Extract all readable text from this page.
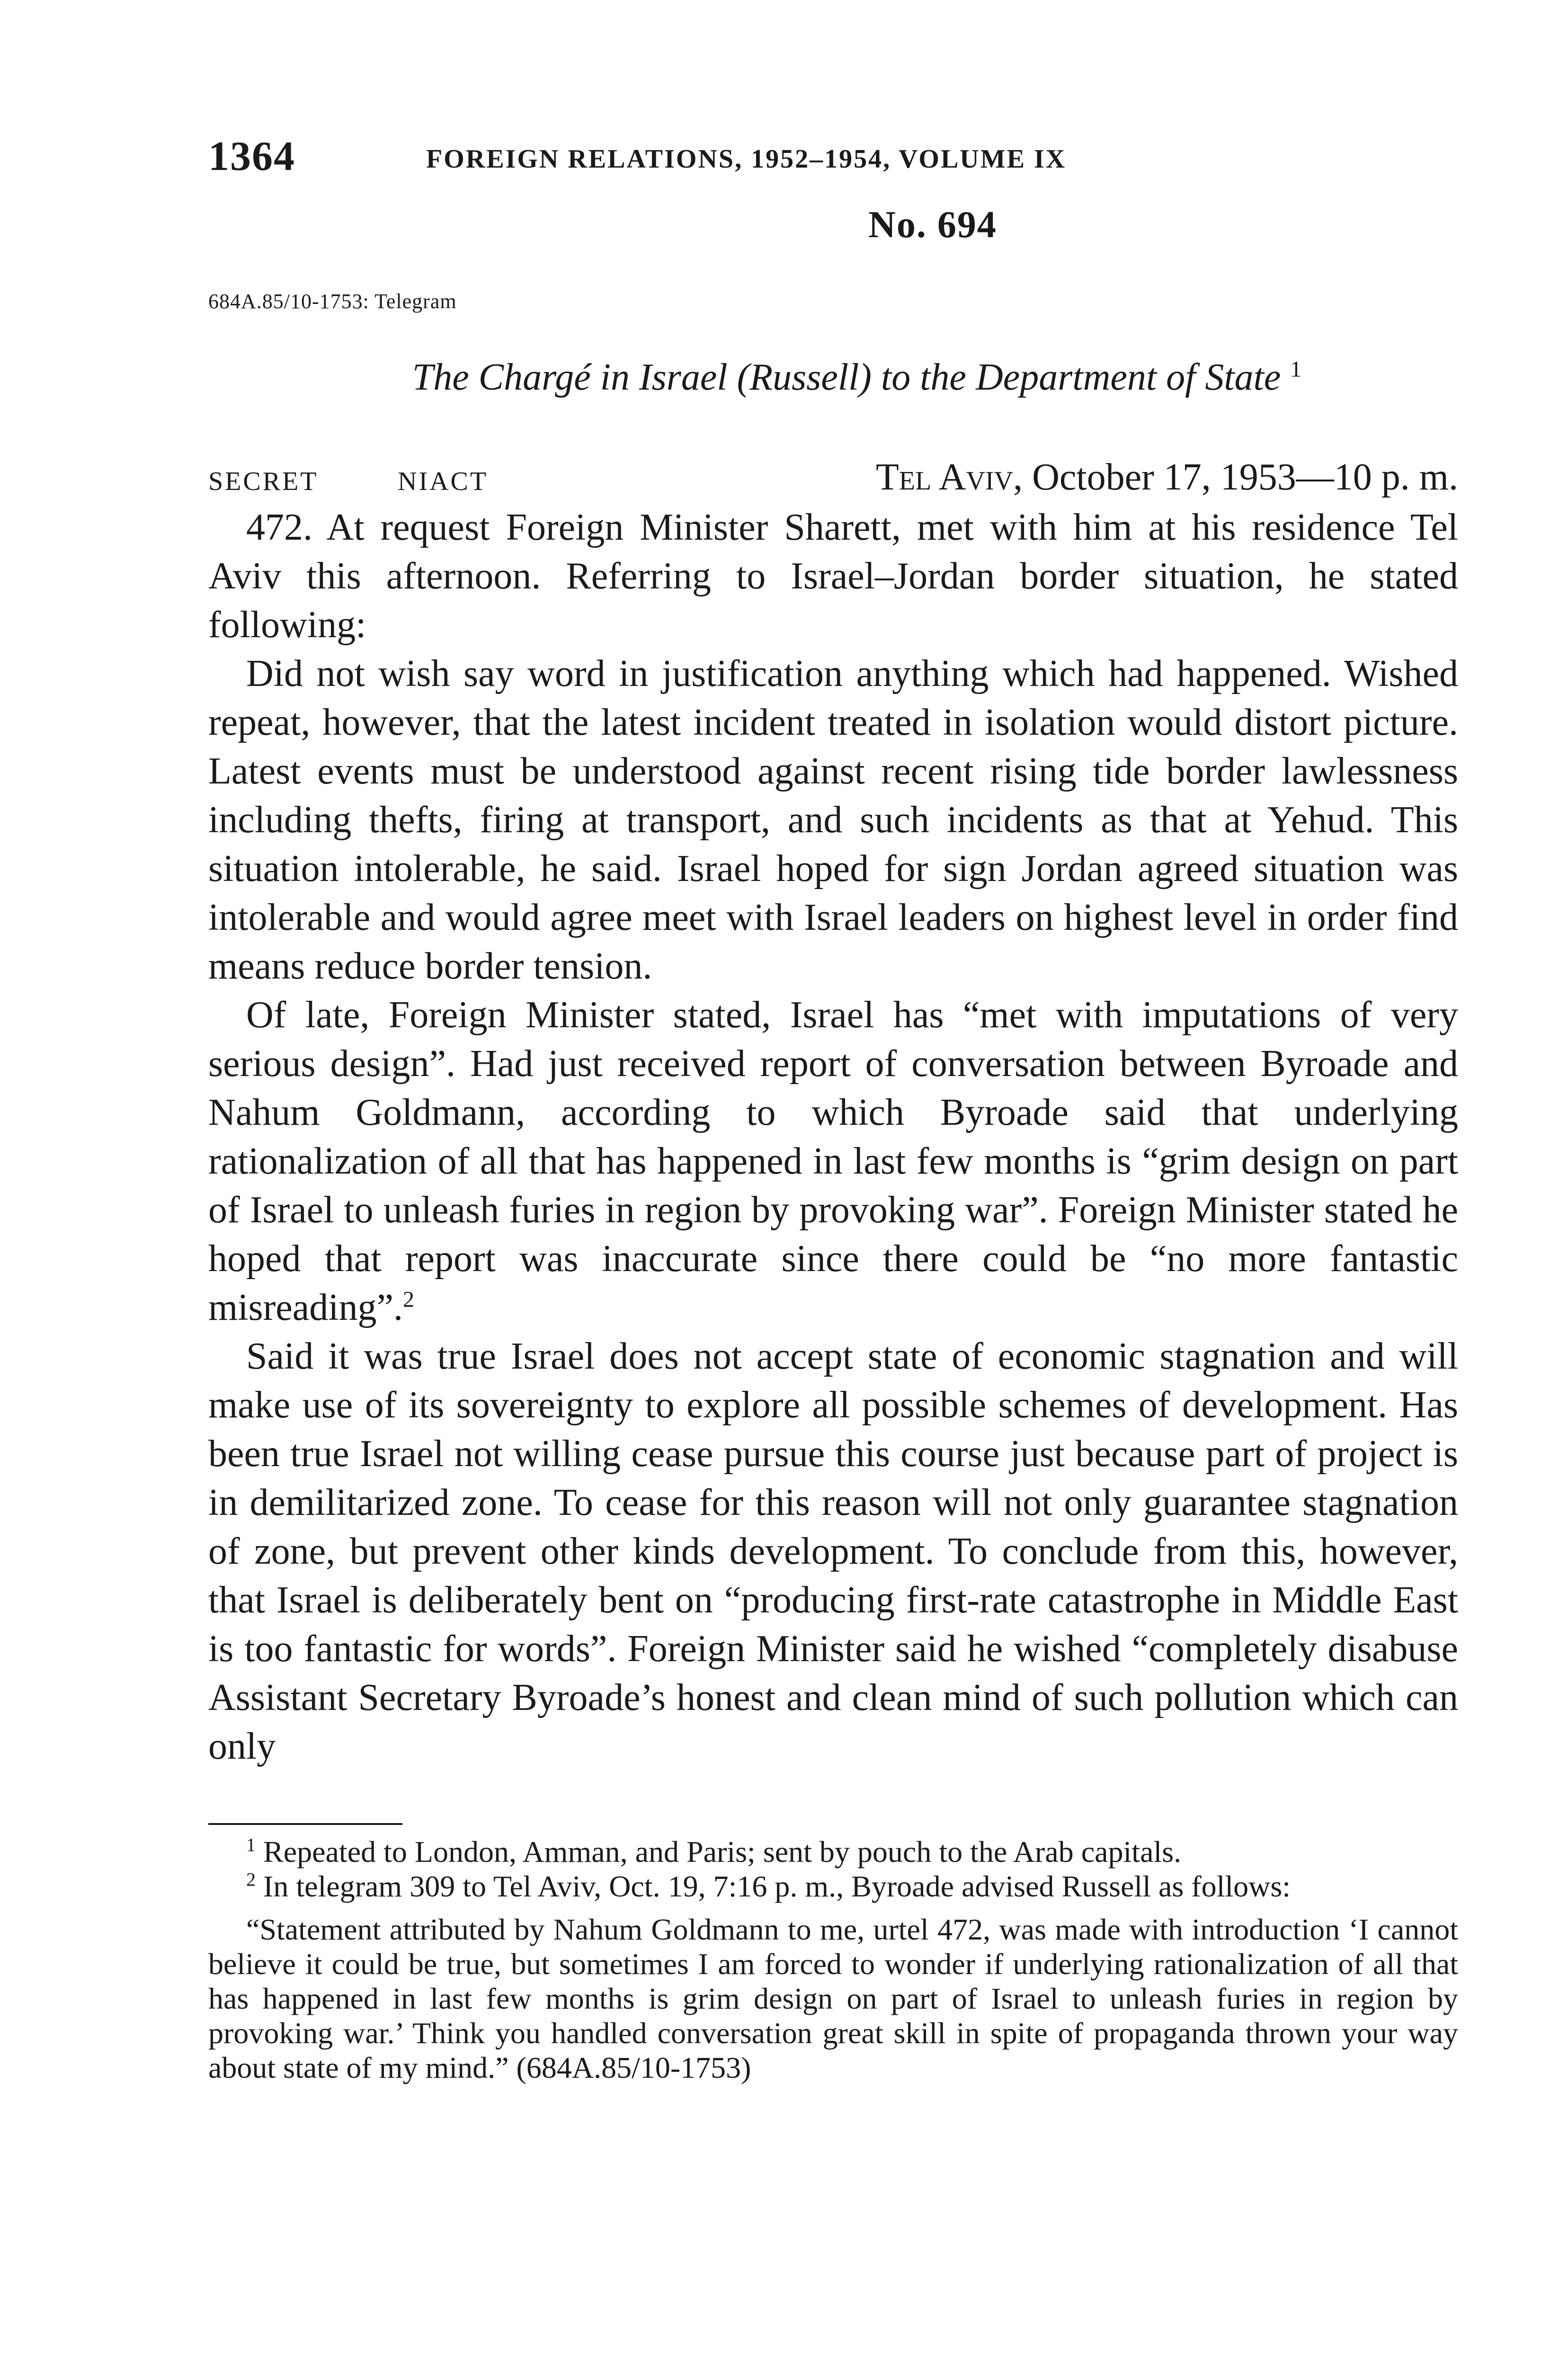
1364	FOREIGN RELATIONS, 1952–1954, VOLUME IX
No. 694
684A.85/10-1753: Telegram
The Chargé in Israel (Russell) to the Department of State $^1$
SECRET	NIACT	Tel Aviv, October 17, 1953—10 p. m.

472. At request Foreign Minister Sharett, met with him at his residence Tel Aviv this afternoon. Referring to Israel–Jordan border situation, he stated following:

Did not wish say word in justification anything which had happened. Wished repeat, however, that the latest incident treated in isolation would distort picture. Latest events must be understood against recent rising tide border lawlessness including thefts, firing at transport, and such incidents as that at Yehud. This situation intolerable, he said. Israel hoped for sign Jordan agreed situation was intolerable and would agree meet with Israel leaders on highest level in order find means reduce border tension.

Of late, Foreign Minister stated, Israel has “met with imputations of very serious design”. Had just received report of conversation between Byroade and Nahum Goldmann, according to which Byroade said that underlying rationalization of all that has happened in last few months is “grim design on part of Israel to unleash furies in region by provoking war”. Foreign Minister stated he hoped that report was inaccurate since there could be “no more fantastic misreading”.$^2$

Said it was true Israel does not accept state of economic stagnation and will make use of its sovereignty to explore all possible schemes of development. Has been true Israel not willing cease pursue this course just because part of project is in demilitarized zone. To cease for this reason will not only guarantee stagnation of zone, but prevent other kinds development. To conclude from this, however, that Israel is deliberately bent on “producing first-rate catastrophe in Middle East is too fantastic for words”. Foreign Minister said he wished “completely disabuse Assistant Secretary Byroade’s honest and clean mind of such pollution which can only

$^1$ Repeated to London, Amman, and Paris; sent by pouch to the Arab capitals.

$^2$ In telegram 309 to Tel Aviv, Oct. 19, 7:16 p. m., Byroade advised Russell as follows:

“Statement attributed by Nahum Goldmann to me, urtel 472, was made with introduction ‘I cannot believe it could be true, but sometimes I am forced to wonder if underlying rationalization of all that has happened in last few months is grim design on part of Israel to unleash furies in region by provoking war.’ Think you handled conversation great skill in spite of propaganda thrown your way about state of my mind.” (684A.85/10-1753)
